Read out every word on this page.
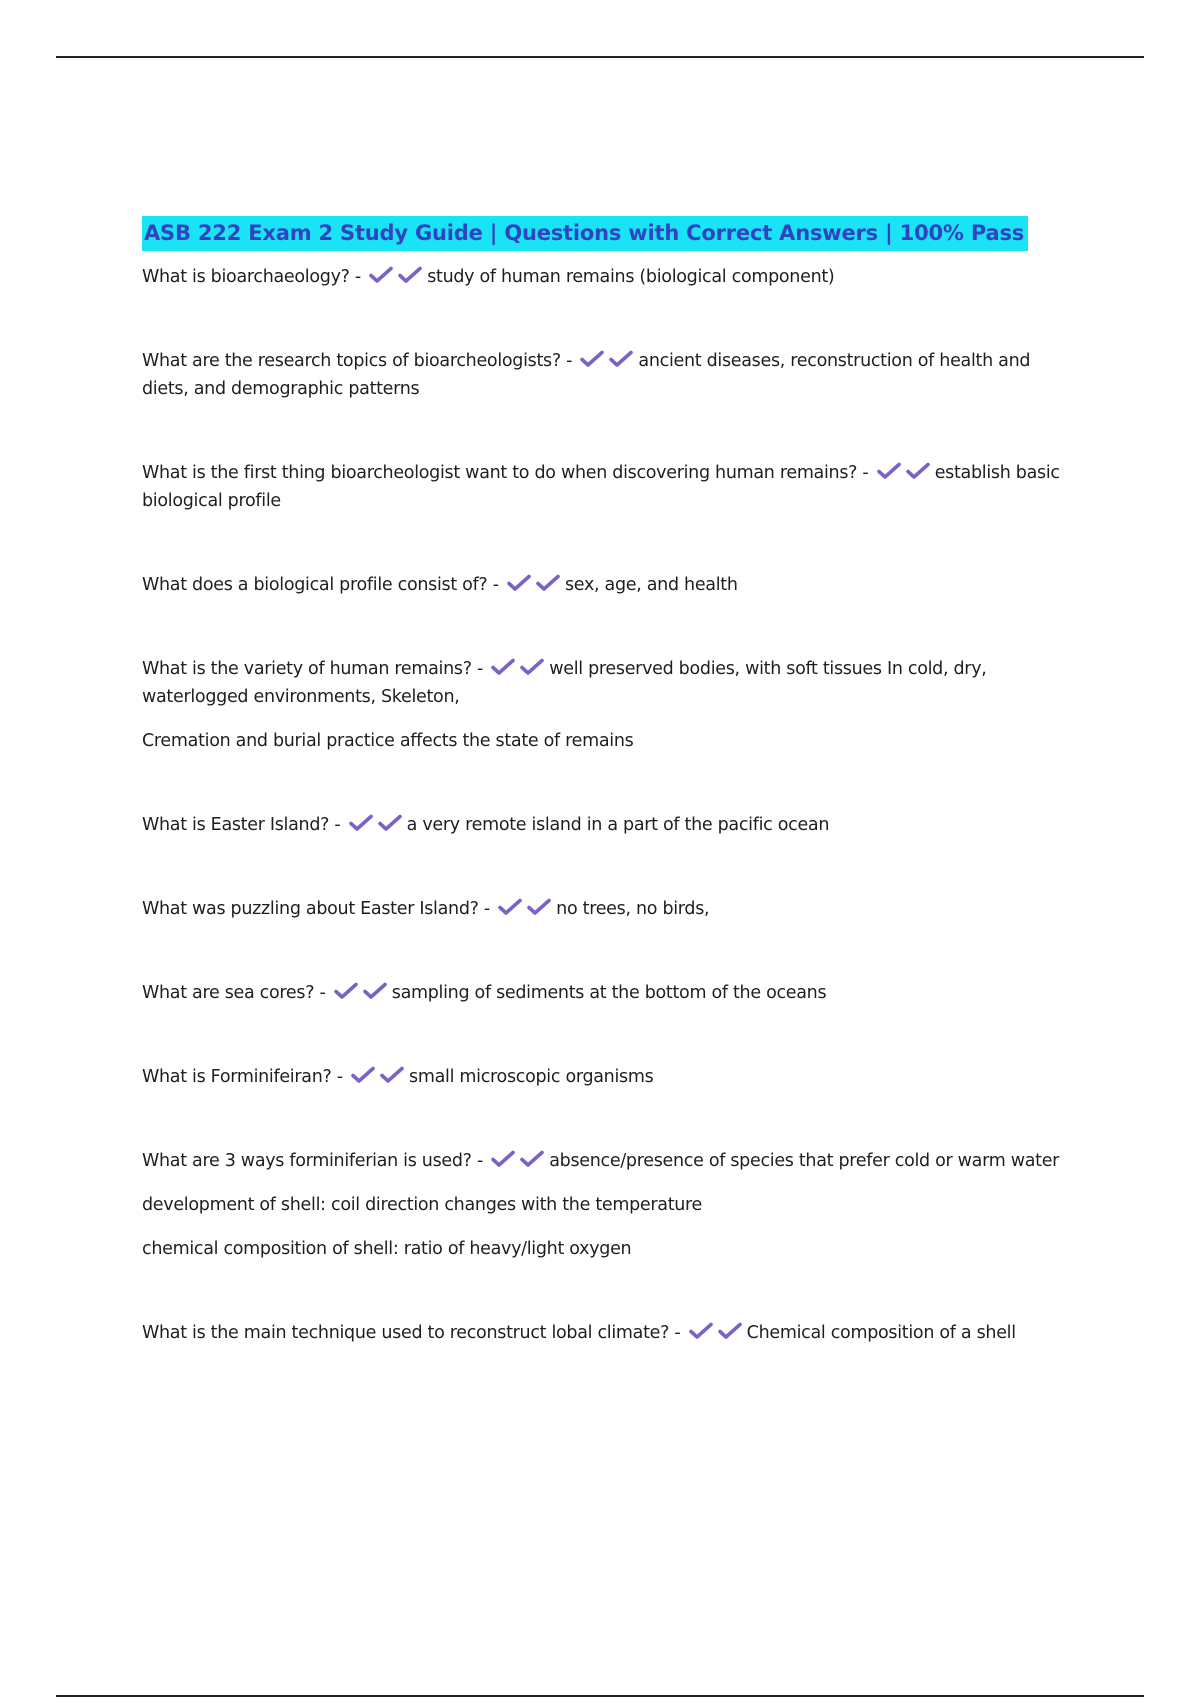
ASB 222 Exam 2 Study Guide | Questions with Correct Answers | 100% Pass

What is bioarchaeology? -	study of human remains (biological component)

What are the research topics of bioarcheologists? -	ancient diseases, reconstruction of health and diets, and demographic patterns

What is the first thing bioarcheologist want to do when discovering human remains? -	establish basic biological profile

What does a biological profile consist of? -	sex, age, and health

What is the variety of human remains? -	well preserved bodies, with soft tissues In cold, dry, waterlogged environments, Skeleton,

Cremation and burial practice affects the state of remains

What is Easter Island? -	a very remote island in a part of the pacific ocean

What was puzzling about Easter Island? -	no trees, no birds,

What are sea cores? -	sampling of sediments at the bottom of the oceans

What is Forminifeiran? -	small microscopic organisms

What are 3 ways forminiferian is used? -	absence/presence of species that prefer cold or warm water

development of shell: coil direction changes with the temperature

chemical composition of shell: ratio of heavy/light oxygen

What is the main technique used to reconstruct lobal climate? -	Chemical composition of a shell
